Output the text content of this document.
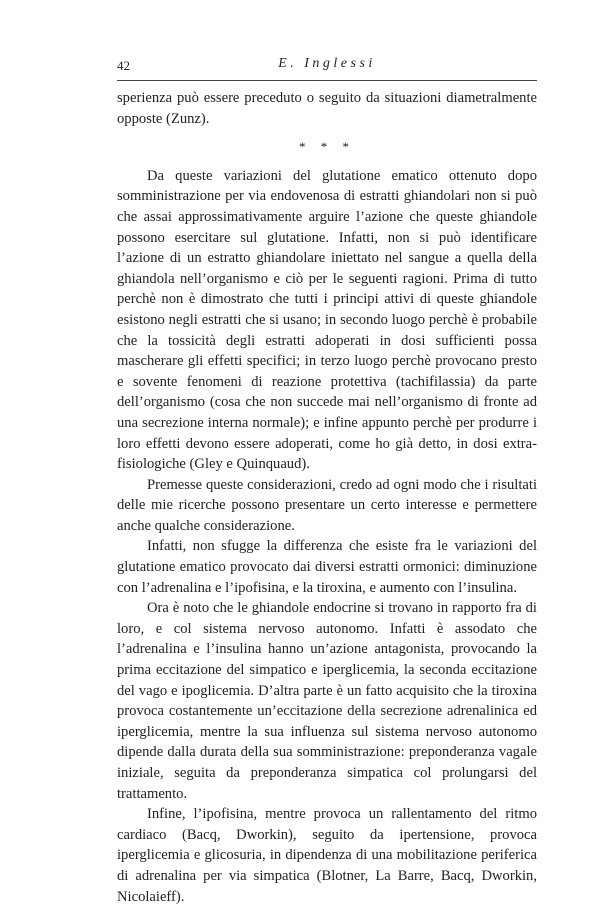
42	E. Inglessi

sperienza può essere preceduto o seguito da situazioni diametralmente opposte (Zunz).

* * *

Da queste variazioni del glutatione ematico ottenuto dopo somministrazione per via endovenosa di estratti ghiandolari non si può che assai approssimativamente arguire l’azione che queste ghiandole possono esercitare sul glutatione. Infatti, non si può identificare l’azione di un estratto ghiandolare iniettato nel sangue a quella della ghiandola nell’organismo e ciò per le seguenti ragioni. Prima di tutto perchè non è dimostrato che tutti i principi attivi di queste ghiandole esistono negli estratti che si usano; in secondo luogo perchè è probabile che la tossicità degli estratti adoperati in dosi sufficienti possa mascherare gli effetti specifici; in terzo luogo perchè provocano presto e sovente fenomeni di reazione protettiva (tachifilassia) da parte dell’organismo (cosa che non succede mai nell’organismo di fronte ad una secrezione interna normale); e infine appunto perchè per produrre i loro effetti devono essere adoperati, come ho già detto, in dosi extra-fisiologiche (Gley e Quinquaud).

Premesse queste considerazioni, credo ad ogni modo che i risultati delle mie ricerche possono presentare un certo interesse e permettere anche qualche considerazione.

Infatti, non sfugge la differenza che esiste fra le variazioni del glutatione ematico provocato dai diversi estratti ormonici: diminuzione con l’adrenalina e l’ipofisina, e la tiroxina, e aumento con l’insulina.

Ora è noto che le ghiandole endocrine si trovano in rapporto fra di loro, e col sistema nervoso autonomo. Infatti è assodato che l’adrenalina e l’insulina hanno un’azione antagonista, provocando la prima eccitazione del simpatico e iperglicemia, la seconda eccitazione del vago e ipoglicemia. D’altra parte è un fatto acquisito che la tiroxina provoca costantemente un’eccitazione della secrezione adrenalinica ed iperglicemia, mentre la sua influenza sul sistema nervoso autonomo dipende dalla durata della sua somministrazione: preponderanza vagale iniziale, seguita da preponderanza simpatica col prolungarsi del trattamento.

Infine, l’ipofisina, mentre provoca un rallentamento del ritmo cardiaco (Bacq, Dworkin), seguito da ipertensione, provoca iperglicemia e glicosuria, in dipendenza di una mobilitazione periferica di adrenalina per via simpatica (Blotner, La Barre, Bacq, Dworkin, Nicolaieff).
